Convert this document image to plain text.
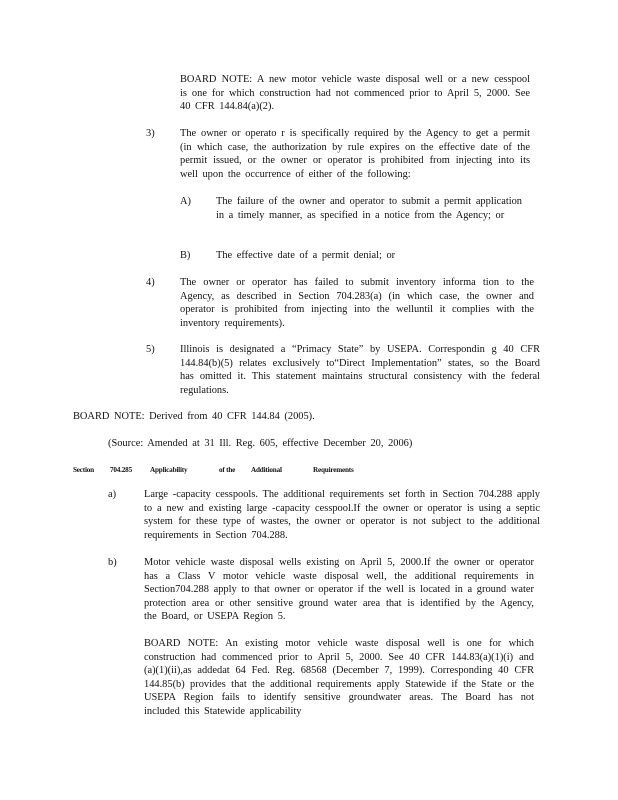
BOARD NOTE: A new motor vehicle waste disposal well or a new cesspool is one for which construction had not commenced prior to April 5, 2000. See 40 CFR 144.84(a)(2).

3) The owner or operato r is specifically required by the Agency to get a permit (in which case, the authorization by rule expires on the effective date of the permit issued, or the owner or operator is prohibited from injecting into its well upon the occurrence of either of the following:

A) The failure of the owner and operator to submit a permit application in a timely manner, as specified in a notice from the Agency; or

B) The effective date of a permit denial; or

4) The owner or operator has failed to submit inventory informa tion to the Agency, as described in Section 704.283(a) (in which case, the owner and operator is prohibited from injecting into the welluntil it complies with the inventory requirements).

5) Illinois is designated a “Primacy State” by USEPA. Correspondin g 40 CFR 144.84(b)(5) relates exclusively to“Direct Implementation” states, so the Board has omitted it. This statement maintains structural consistency with the federal regulations.

BOARD NOTE: Derived from 40 CFR 144.84 (2005).

(Source: Amended at 31 Ill. Reg. 605, effective December 20, 2006)

Section 704.285	Applicability	of the Additional	Requirements

a)	Large -capacity cesspools. The additional requirements set forth in Section 704.288 apply to a new and existing large -capacity cesspool.If the owner or operator is using a septic system for these type of wastes, the owner or operator is not subject to the additional requirements in Section 704.288.

b)	Motor vehicle waste disposal wells existing on April 5, 2000.If the owner or operator has a Class V motor vehicle waste disposal well, the additional requirements in Section704.288 apply to that owner or operator if the well is located in a ground water protection area or other sensitive ground water area that is identified by the Agency, the Board, or USEPA Region 5.

BOARD NOTE: An existing motor vehicle waste disposal well is one for which construction had commenced prior to April 5, 2000. See 40 CFR 144.83(a)(1)(i) and (a)(1)(ii),as addedat 64 Fed. Reg. 68568 (December 7, 1999). Corresponding 40 CFR 144.85(b) provides that the additional requirements apply Statewide if the State or the USEPA Region fails to identify sensitive groundwater areas. The Board has not included this Statewide applicability
